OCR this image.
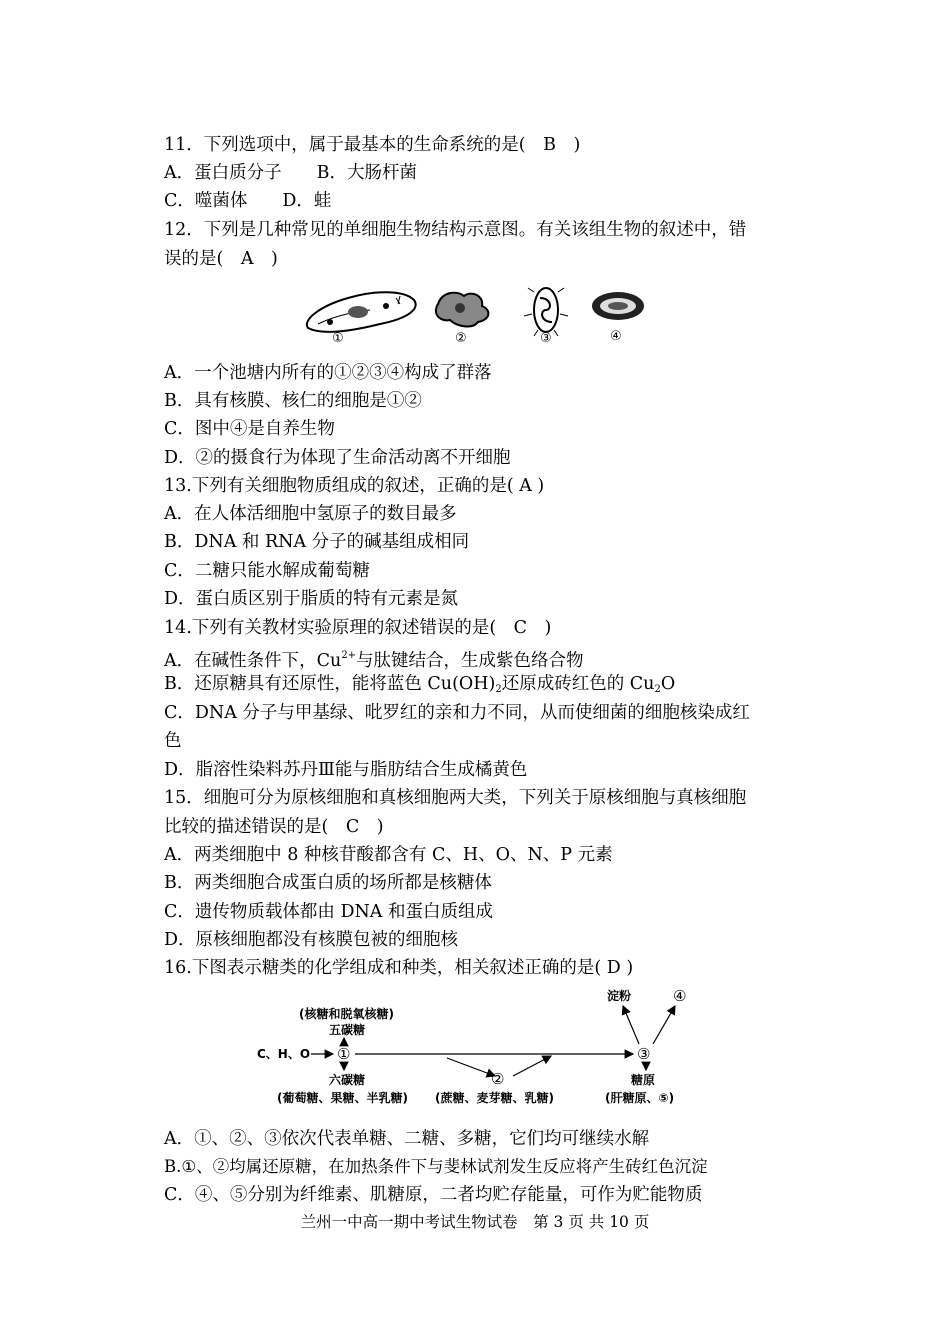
11．下列选项中，属于最基本的生命系统的是(　B　)
A．蛋白质分子　　B．大肠杆菌
C．噬菌体　　D．蛙
12．下列是几种常见的单细胞生物结构示意图。有关该组生物的叙述中，错
误的是(　A　)
①	②	③	④
A．一个池塘内所有的①②③④构成了群落
B．具有核膜、核仁的细胞是①②
C．图中④是自养生物
D．②的摄食行为体现了生命活动离不开细胞
13.下列有关细胞物质组成的叙述，正确的是( A )
A．在人体活细胞中氢原子的数目最多
B．DNA 和 RNA 分子的碱基组成相同
C．二糖只能水解成葡萄糖
D．蛋白质区别于脂质的特有元素是氮
14.下列有关教材实验原理的叙述错误的是(　C　)
A．在碱性条件下，$Cu^{2+}$与肽键结合，生成紫色络合物
B．还原糖具有还原性，能将蓝色 $Cu(OH)_2$还原成砖红色的 $Cu_2O$
C．DNA 分子与甲基绿、吡罗红的亲和力不同，从而使细菌的细胞核染成红
色
D．脂溶性染料苏丹Ⅲ能与脂肪结合生成橘黄色
15．细胞可分为原核细胞和真核细胞两大类，下列关于原核细胞与真核细胞
比较的描述错误的是(　C　)
A．两类细胞中 8 种核苷酸都含有 C、H、O、N、P 元素
B．两类细胞合成蛋白质的场所都是核糖体
C．遗传物质载体都由 DNA 和蛋白质组成
D．原核细胞都没有核膜包被的细胞核
16.下图表示糖类的化学组成和种类，相关叙述正确的是( D )
(核糖和脱氧核糖)
五碳糖
C、H、O ①
六碳糖
(葡萄糖、果糖、半乳糖)
②
(蔗糖、麦芽糖、乳糖)
淀粉	④
③
糖原
(肝糖原、⑤)
A．①、②、③依次代表单糖、二糖、多糖，它们均可继续水解
B.①、②均属还原糖，在加热条件下与斐林试剂发生反应将产生砖红色沉淀
C．④、⑤分别为纤维素、肌糖原，二者均贮存能量，可作为贮能物质
兰州一中高一期中考试生物试卷　第 3 页 共 10 页
